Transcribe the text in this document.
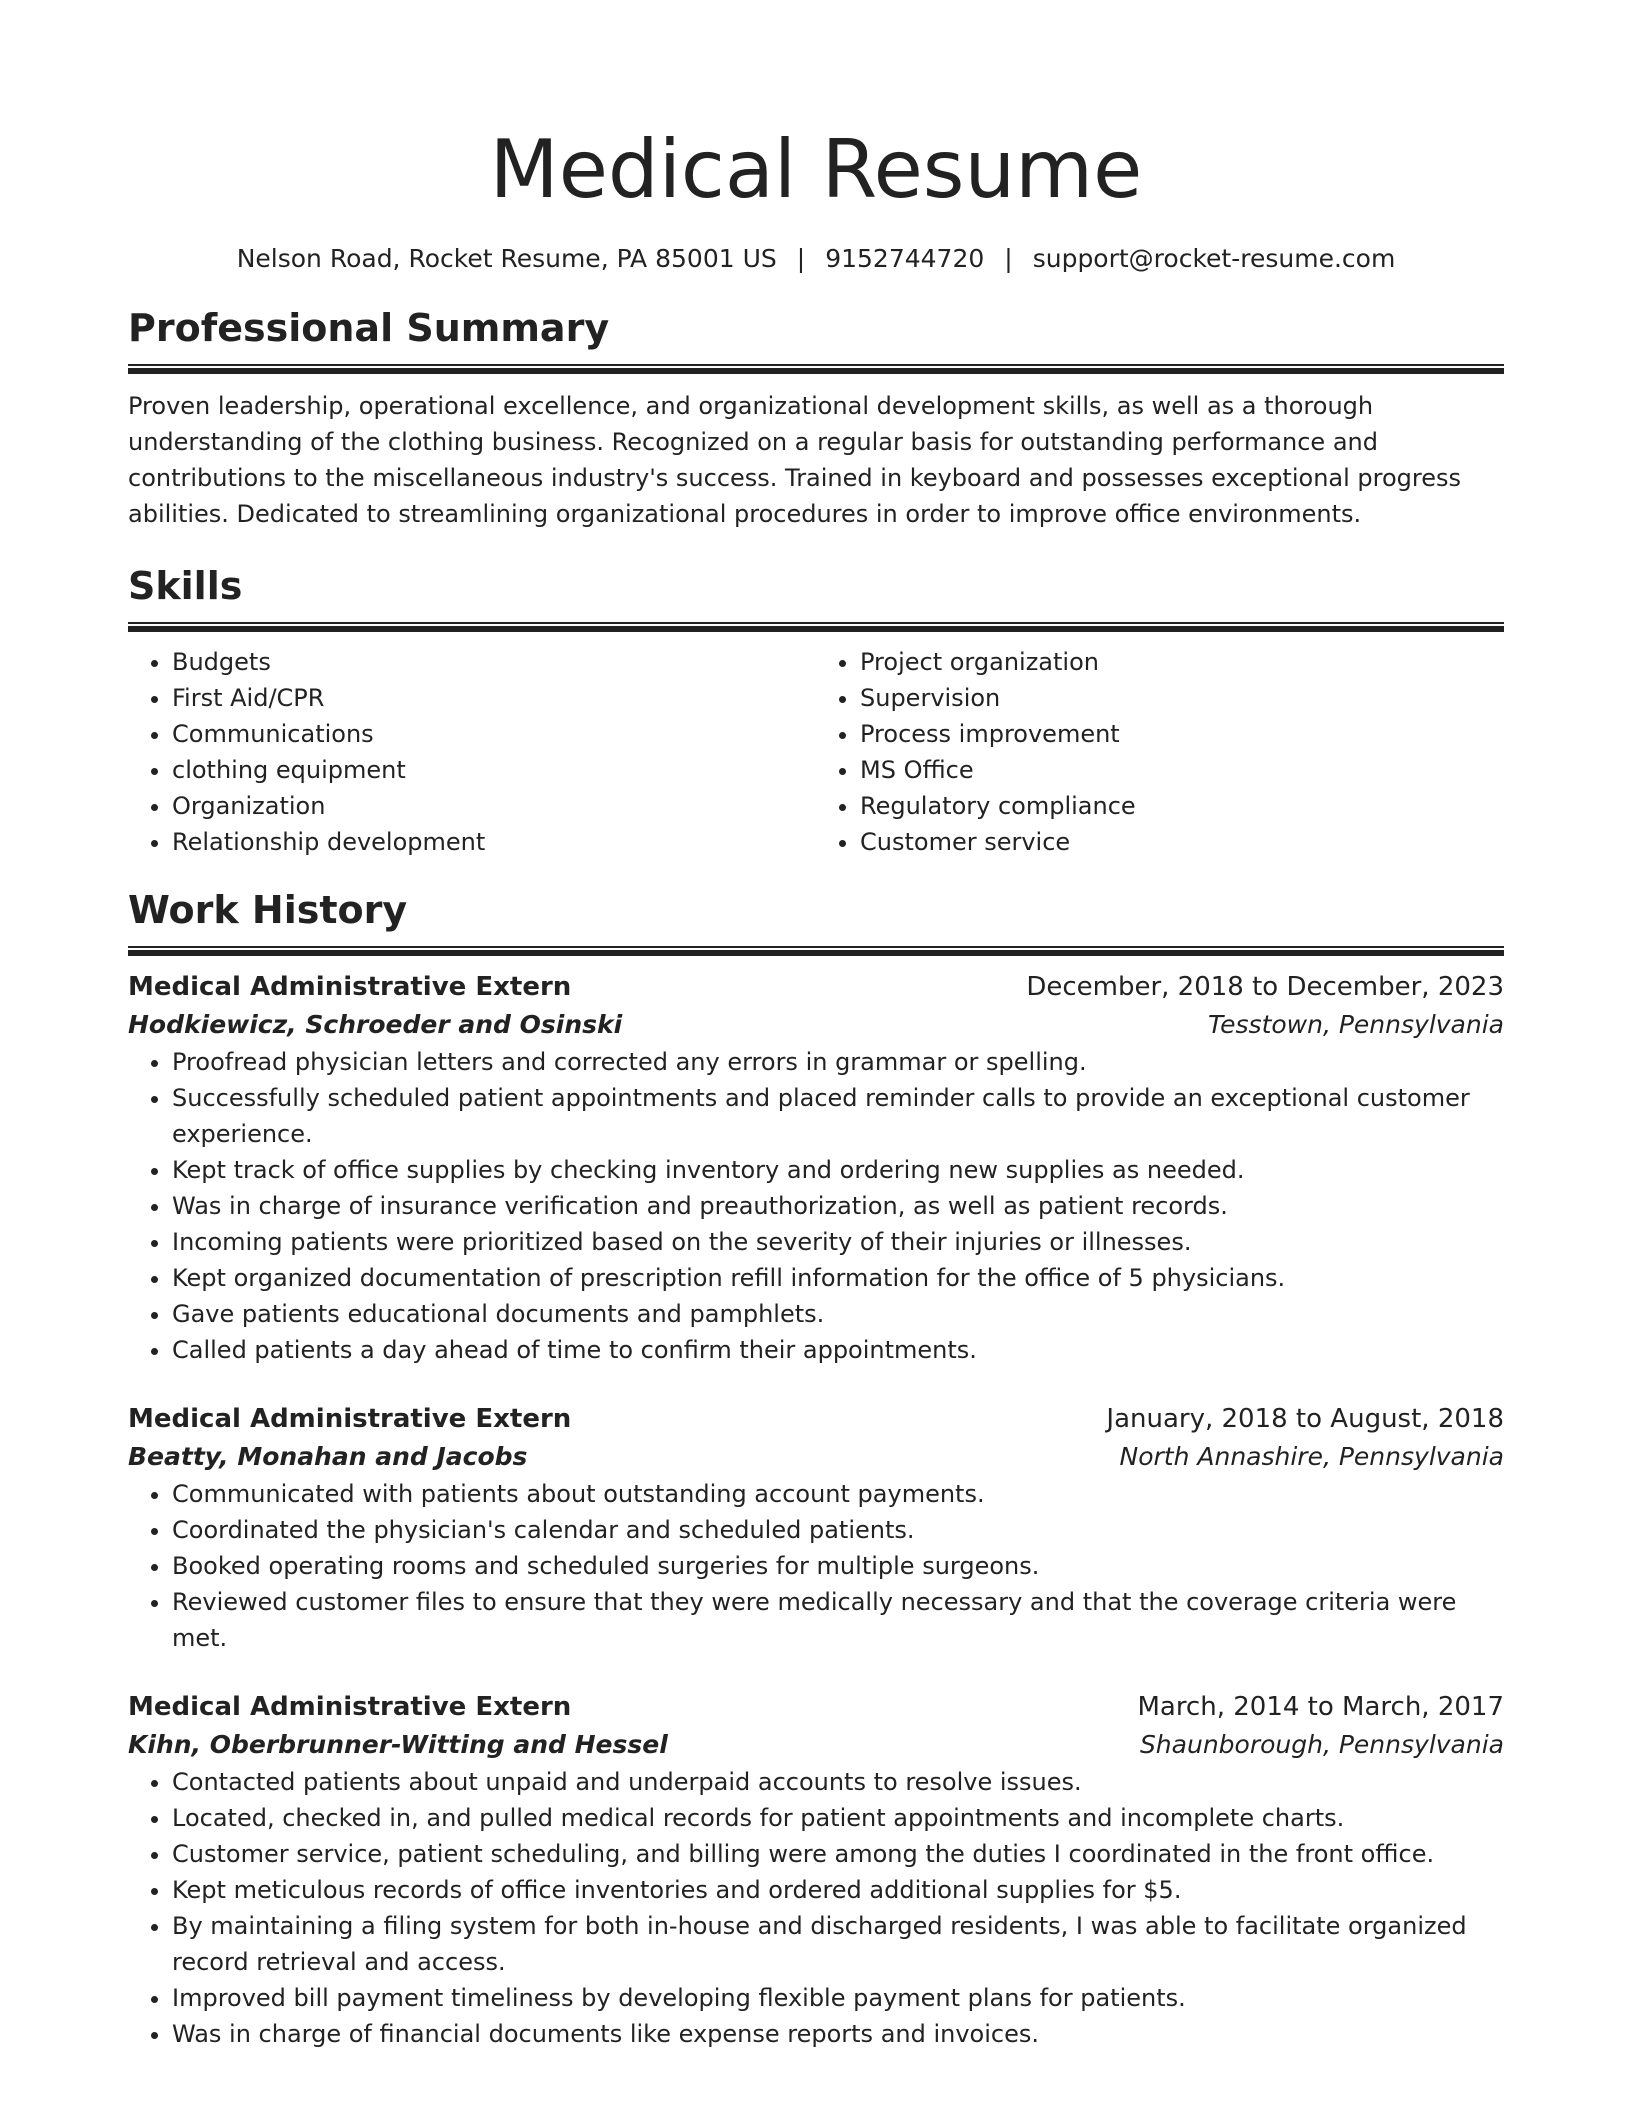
Medical Resume
Nelson Road, Rocket Resume, PA 85001 US | 9152744720 | support@rocket-resume.com
Professional Summary
Proven leadership, operational excellence, and organizational development skills, as well as a thorough understanding of the clothing business. Recognized on a regular basis for outstanding performance and contributions to the miscellaneous industry's success. Trained in keyboard and possesses exceptional progress abilities. Dedicated to streamlining organizational procedures in order to improve office environments.
Skills
• Budgets
• First Aid/CPR
• Communications
• clothing equipment
• Organization
• Relationship development
• Project organization
• Supervision
• Process improvement
• MS Office
• Regulatory compliance
• Customer service
Work History
Medical Administrative Extern	December, 2018 to December, 2023
Hodkiewicz, Schroeder and Osinski	Tesstown, Pennsylvania
• Proofread physician letters and corrected any errors in grammar or spelling.
• Successfully scheduled patient appointments and placed reminder calls to provide an exceptional customer experience.
• Kept track of office supplies by checking inventory and ordering new supplies as needed.
• Was in charge of insurance verification and preauthorization, as well as patient records.
• Incoming patients were prioritized based on the severity of their injuries or illnesses.
• Kept organized documentation of prescription refill information for the office of 5 physicians.
• Gave patients educational documents and pamphlets.
• Called patients a day ahead of time to confirm their appointments.
Medical Administrative Extern	January, 2018 to August, 2018
Beatty, Monahan and Jacobs	North Annashire, Pennsylvania
• Communicated with patients about outstanding account payments.
• Coordinated the physician's calendar and scheduled patients.
• Booked operating rooms and scheduled surgeries for multiple surgeons.
• Reviewed customer files to ensure that they were medically necessary and that the coverage criteria were met.
Medical Administrative Extern	March, 2014 to March, 2017
Kihn, Oberbrunner-Witting and Hessel	Shaunborough, Pennsylvania
• Contacted patients about unpaid and underpaid accounts to resolve issues.
• Located, checked in, and pulled medical records for patient appointments and incomplete charts.
• Customer service, patient scheduling, and billing were among the duties I coordinated in the front office.
• Kept meticulous records of office inventories and ordered additional supplies for $5.
• By maintaining a filing system for both in-house and discharged residents, I was able to facilitate organized record retrieval and access.
• Improved bill payment timeliness by developing flexible payment plans for patients.
• Was in charge of financial documents like expense reports and invoices.
